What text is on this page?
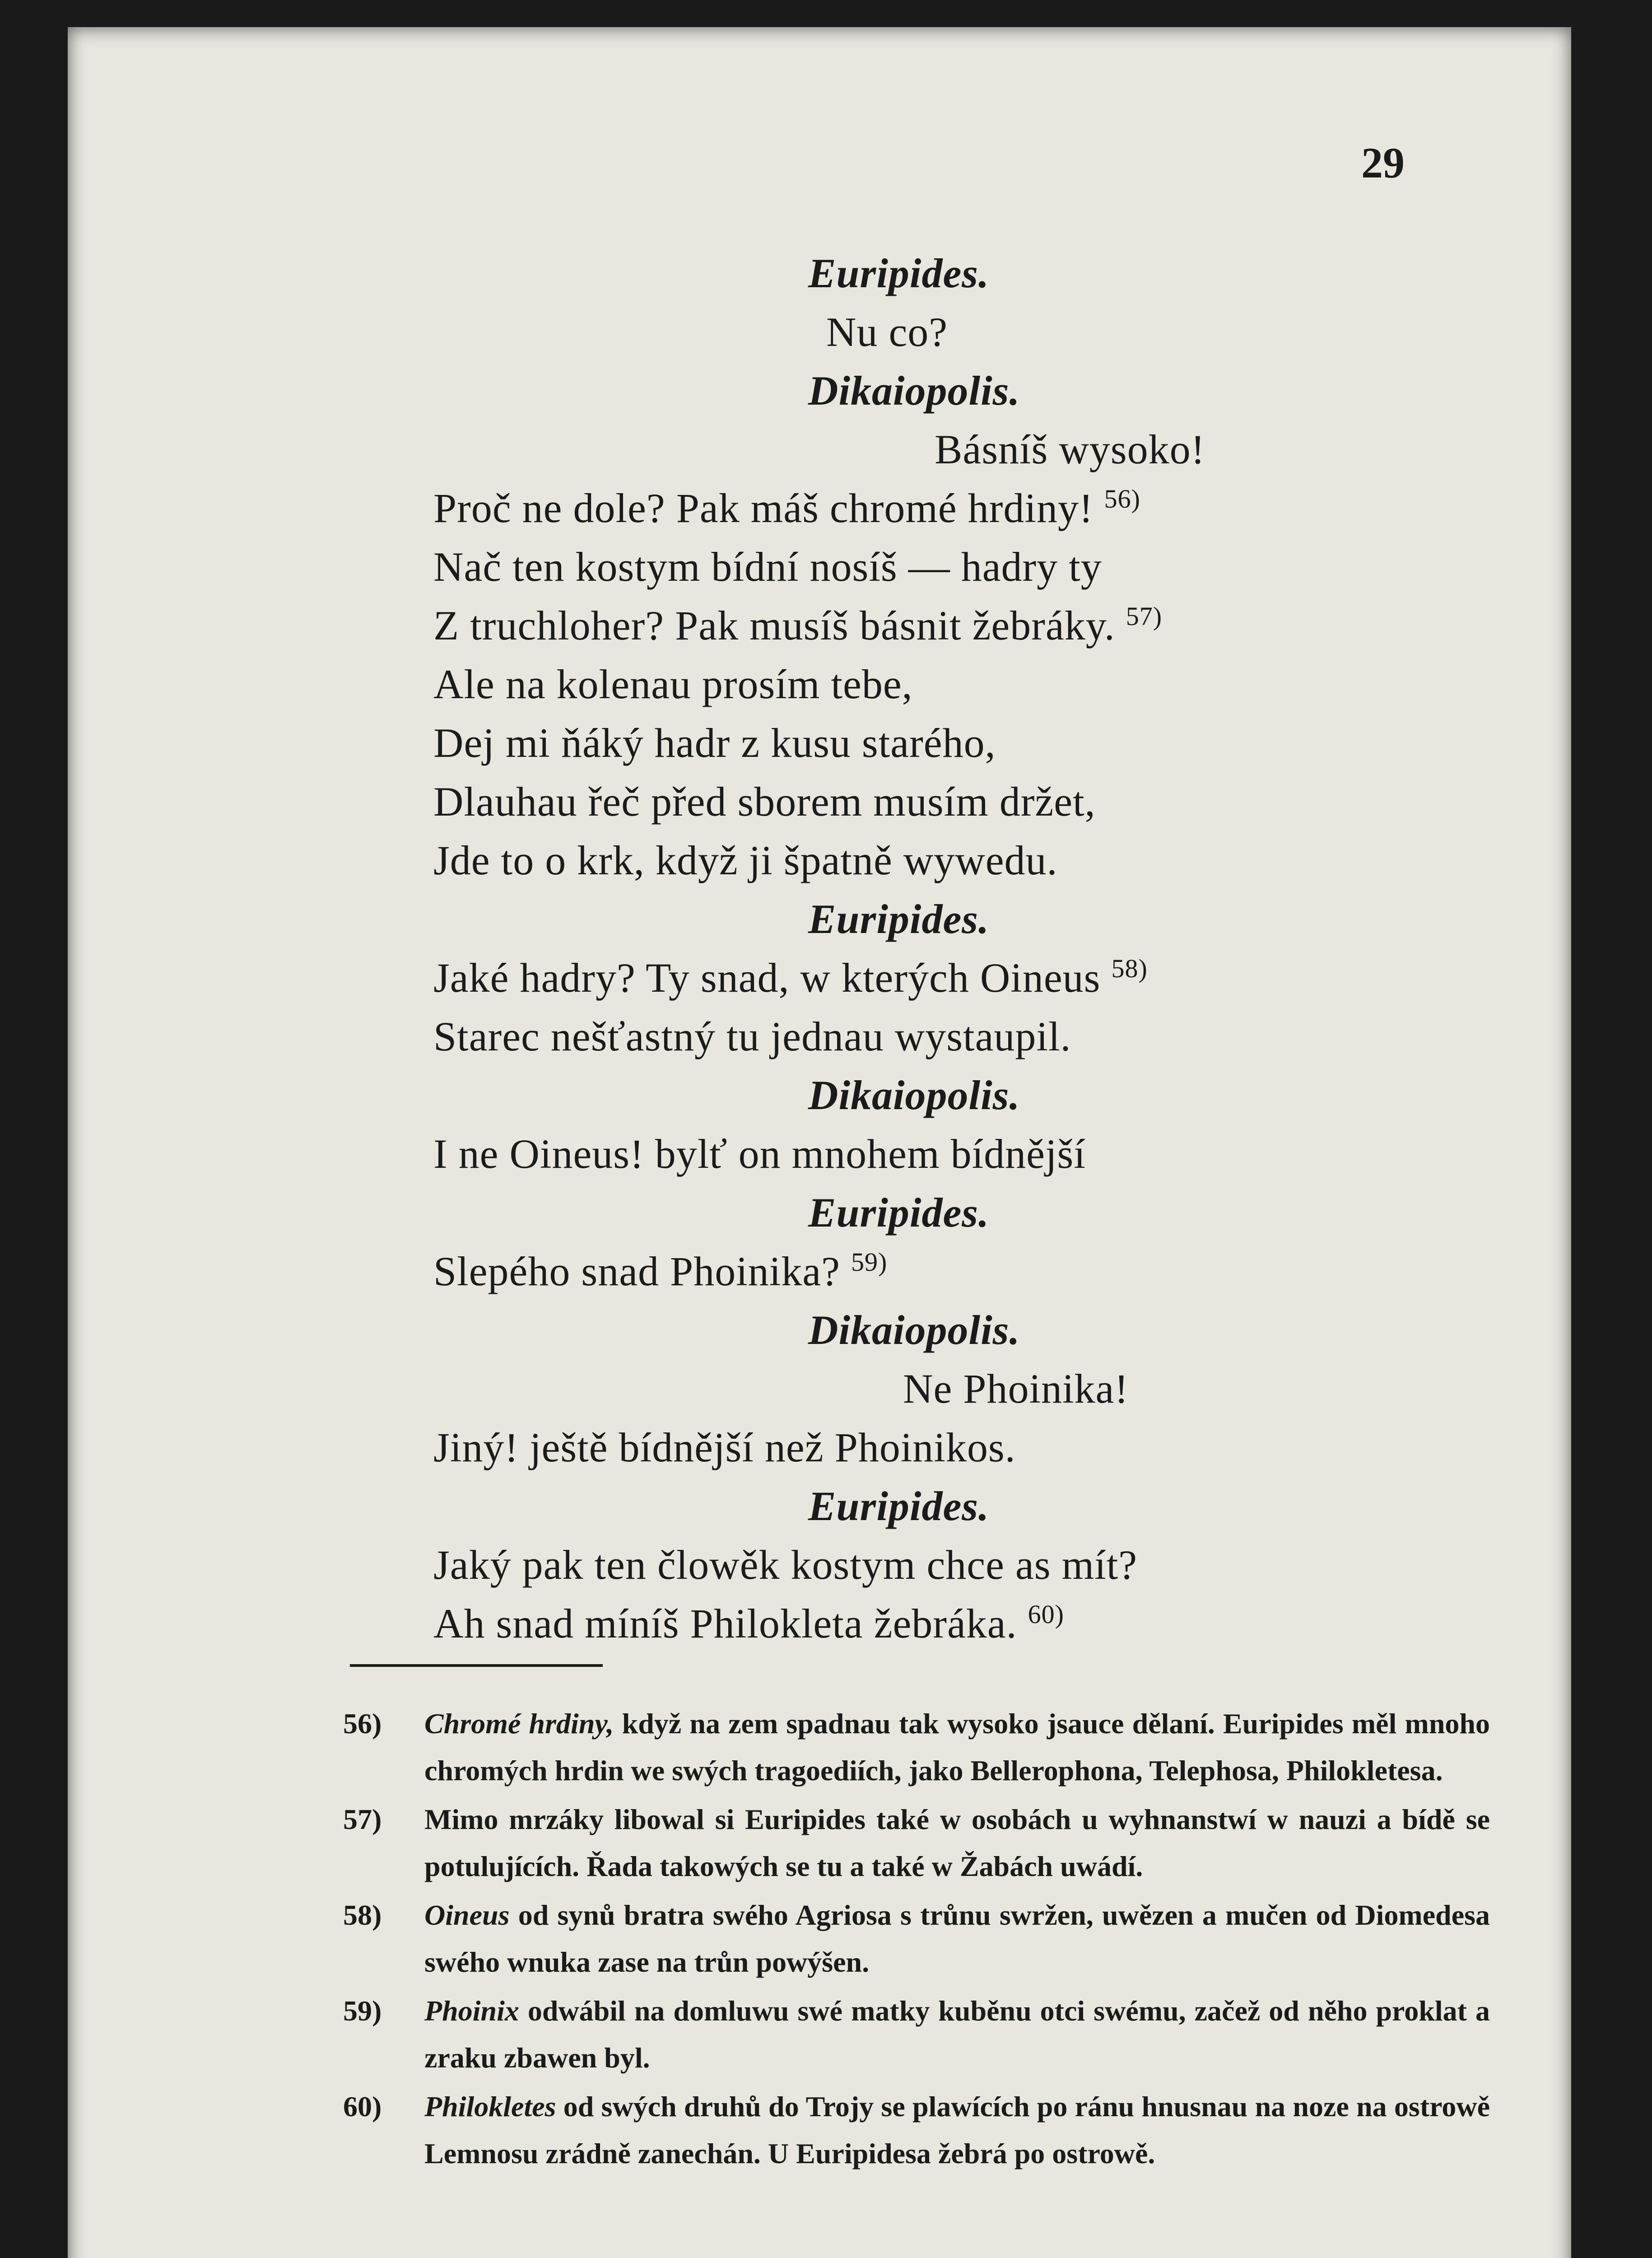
29
Euripides.
Nu co?
Dikaiopolis.
Básníš wysoko!
Proč ne dole? Pak máš chromé hrdiny! $^{56)}$
Nač ten kostym bídní nosíš — hadry ty
Z truchloher? Pak musíš básnit žebráky. $^{57)}$
Ale na kolenau prosím tebe,
Dej mi ňáký hadr z kusu starého,
Dlauhau řeč před sborem musím držet,
Jde to o krk, když ji špatně wywedu.
Euripides.
Jaké hadry? Ty snad, w kterých Oineus $^{58)}$
Starec nešťastný tu jednau wystaupil.
Dikaiopolis.
I ne Oineus! bylť on mnohem bídnější
Euripides.
Slepého snad Phoinika? $^{59)}$
Dikaiopolis.
Ne Phoinika!
Jiný! ještě bídnější než Phoinikos.
Euripides.
Jaký pak ten člowěk kostym chce as mít?
Ah snad míníš Philokleta žebráka. $^{60)}$
56) Chromé hrdiny, když na zem spadnau tak wysoko jsauce dělaní. Euripides měl mnoho chromých hrdin we swých tragoediích, jako Bellerophona, Telephosa, Philokletesa.
57) Mimo mrzáky libowal si Euripides také w osobách u wyhnanstwí w nauzi a bídě se potulujících. Řada takowých se tu a také w Žabách uwádí.
58) Oineus od synů bratra swého Agriosa s trůnu swržen, uwězen a mučen od Diomedesa swého wnuka zase na trůn powýšen.
59) Phoinix odwábil na domluwu swé matky kuběnu otci swému, začež od něho proklat a zraku zbawen byl.
60) Philokletes od swých druhů do Trojy se plawících po ránu hnusnau na noze na ostrowě Lemnosu zrádně zanechán. U Euripidesa žebrá po ostrowě.
